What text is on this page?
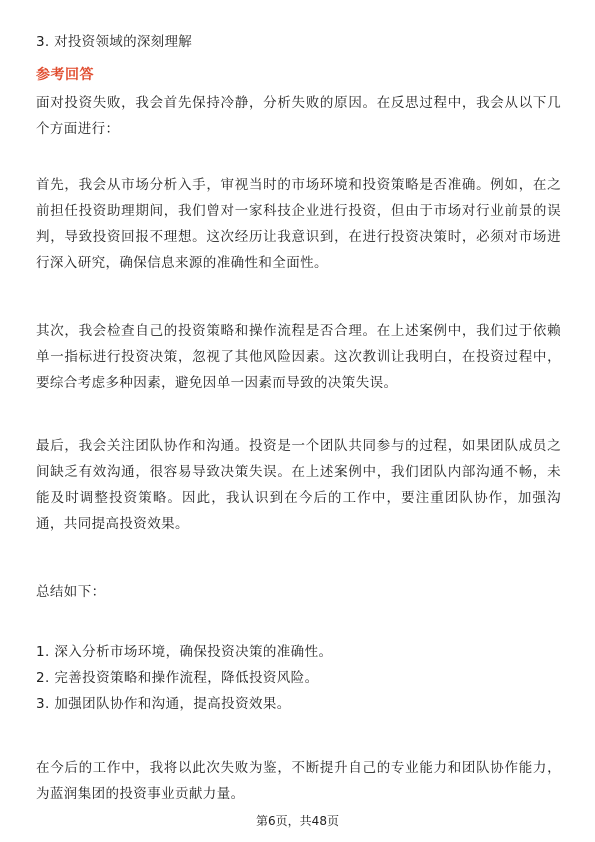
3. 对投资领域的深刻理解

参考回答

面对投资失败，我会首先保持冷静，分析失败的原因。在反思过程中，我会从以下几个方面进行：

首先，我会从市场分析入手，审视当时的市场环境和投资策略是否准确。例如，在之前担任投资助理期间，我们曾对一家科技企业进行投资，但由于市场对行业前景的误判，导致投资回报不理想。这次经历让我意识到，在进行投资决策时，必须对市场进行深入研究，确保信息来源的准确性和全面性。

其次，我会检查自己的投资策略和操作流程是否合理。在上述案例中，我们过于依赖单一指标进行投资决策，忽视了其他风险因素。这次教训让我明白，在投资过程中，要综合考虑多种因素，避免因单一因素而导致的决策失误。

最后，我会关注团队协作和沟通。投资是一个团队共同参与的过程，如果团队成员之间缺乏有效沟通，很容易导致决策失误。在上述案例中，我们团队内部沟通不畅，未能及时调整投资策略。因此，我认识到在今后的工作中，要注重团队协作，加强沟通，共同提高投资效果。

总结如下：

1. 深入分析市场环境，确保投资决策的准确性。
2. 完善投资策略和操作流程，降低投资风险。
3. 加强团队协作和沟通，提高投资效果。

在今后的工作中，我将以此次失败为鉴，不断提升自己的专业能力和团队协作能力，为蓝润集团的投资事业贡献力量。

第6页，共48页
